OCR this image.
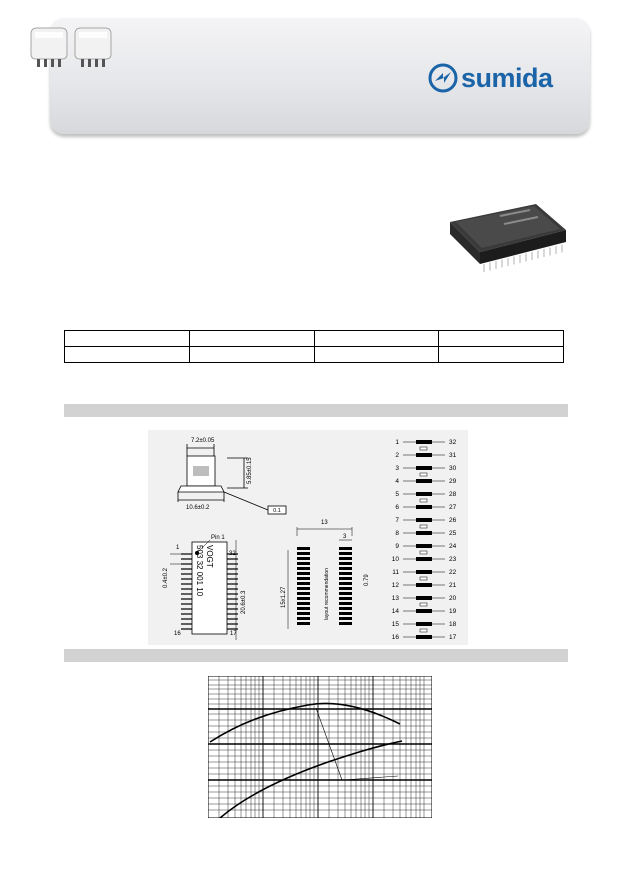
sumida

7.2±0.05
5.85±0.15
10.6±0.2	0.1
Pin 1
1
32
16	17
VOGT
503 32 001 10
0.4±0.2
20.6±0.3
13
3
15x1.27
0.79
layout recommendation
1
2
3
4
5
6
7
8
9
10
11
12
13
14
15
16
32
31
30
29
28
27
26
25
24
23
22
21
20
19
18
17
